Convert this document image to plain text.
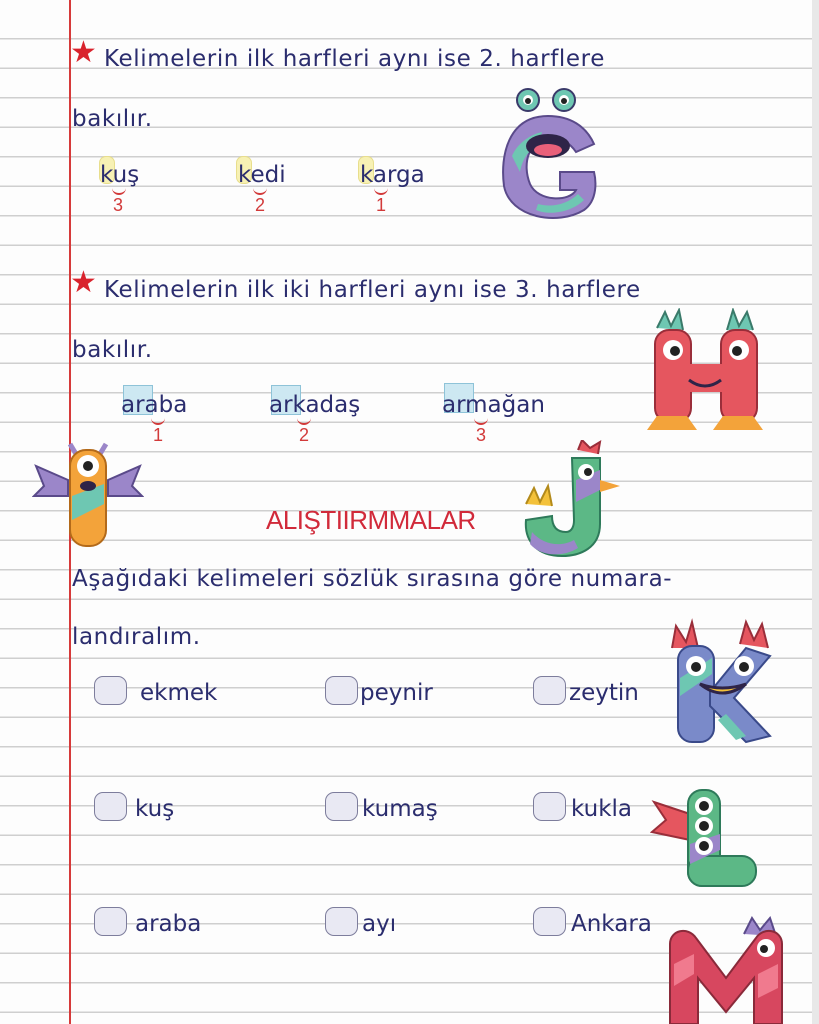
★ Kelimelerin ilk harfleri aynı ise 2. harflere
bakılır.
kuş
3
kedi
2
karga
1
★ Kelimelerin ilk iki harfleri aynı ise 3. harflere
bakılır.
araba
1
arkadaş
2
armağan
3
ALIŞTIIRMMALAR
Aşağıdaki kelimeleri sözlük sırasına göre numara-
landıralım.
ekmek	peynir	zeytin
kuş	kumaş	kukla
araba	ayı	Ankara
